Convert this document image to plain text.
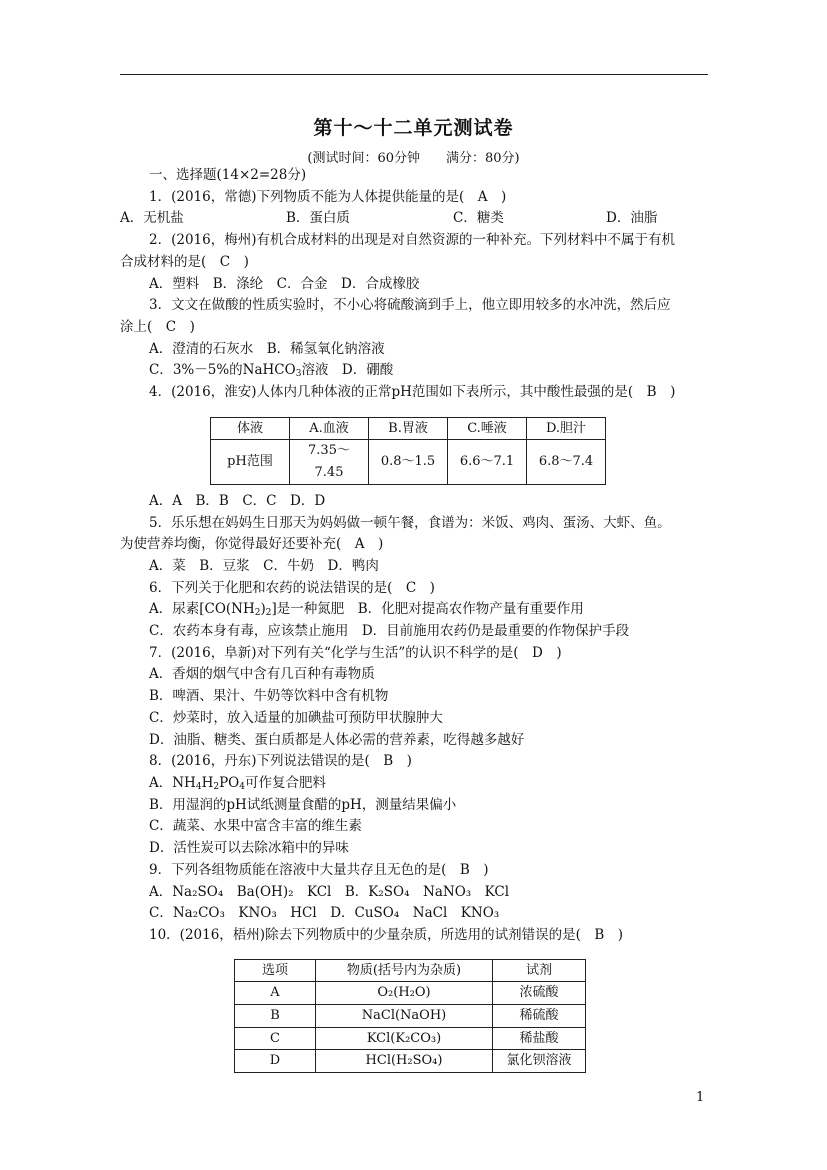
第十～十二单元测试卷
(测试时间：60分钟　　满分：80分)
一、选择题(14×2=28分)
1．(2016，常德)下列物质不能为人体提供能量的是(　A　)
A．无机盐	B．蛋白质	C．糖类	D．油脂
2．(2016，梅州)有机合成材料的出现是对自然资源的一种补充。下列材料中不属于有机
合成材料的是(　C　)
A．塑料　B．涤纶　C．合金　D．合成橡胶
3．文文在做酸的性质实验时，不小心将硫酸滴到手上，他立即用较多的水冲洗，然后应
涂上(　C　)
A．澄清的石灰水　B．稀氢氧化钠溶液
C．3%－5%的NaHCO$_3$溶液　D．硼酸
4．(2016，淮安)人体内几种体液的正常pH范围如下表所示，其中酸性最强的是(　B　)
体液	A.血液	B.胃液	C.唾液	D.胆汁
pH范围	7.35～7.45	0.8～1.5	6.6～7.1	6.8～7.4
A．A　B．B　C．C　D．D
5．乐乐想在妈妈生日那天为妈妈做一顿午餐，食谱为：米饭、鸡肉、蛋汤、大虾、鱼。
为使营养均衡，你觉得最好还要补充(　A　)
A．菜　B．豆浆　C．牛奶　D．鸭肉
6．下列关于化肥和农药的说法错误的是(　C　)
A．尿素$[CO(NH_2)_2]$是一种氮肥　B．化肥对提高农作物产量有重要作用
C．农药本身有毒，应该禁止施用　D．目前施用农药仍是最重要的作物保护手段
7．(2016，阜新)对下列有关“化学与生活”的认识不科学的是(　D　)
A．香烟的烟气中含有几百种有毒物质
B．啤酒、果汁、牛奶等饮料中含有机物
C．炒菜时，放入适量的加碘盐可预防甲状腺肿大
D．油脂、糖类、蛋白质都是人体必需的营养素，吃得越多越好
8．(2016，丹东)下列说法错误的是(　B　)
A．$NH_4H_2PO_4$可作复合肥料
B．用湿润的pH试纸测量食醋的pH，测量结果偏小
C．蔬菜、水果中富含丰富的维生素
D．活性炭可以去除冰箱中的异味
9．下列各组物质能在溶液中大量共存且无色的是(　B　)
A．Na₂SO₄　Ba(OH)₂　KCl　B．K₂SO₄　NaNO₃　KCl
C．Na₂CO₃　KNO₃　HCl　D．CuSO₄　NaCl　KNO₃
10．(2016，梧州)除去下列物质中的少量杂质，所选用的试剂错误的是(　B　)
选项	物质(括号内为杂质)	试剂
A	O₂(H₂O)	浓硫酸
B	NaCl(NaOH)	稀硫酸
C	KCl(K₂CO₃)	稀盐酸
D	HCl(H₂SO₄)	氯化钡溶液
1
